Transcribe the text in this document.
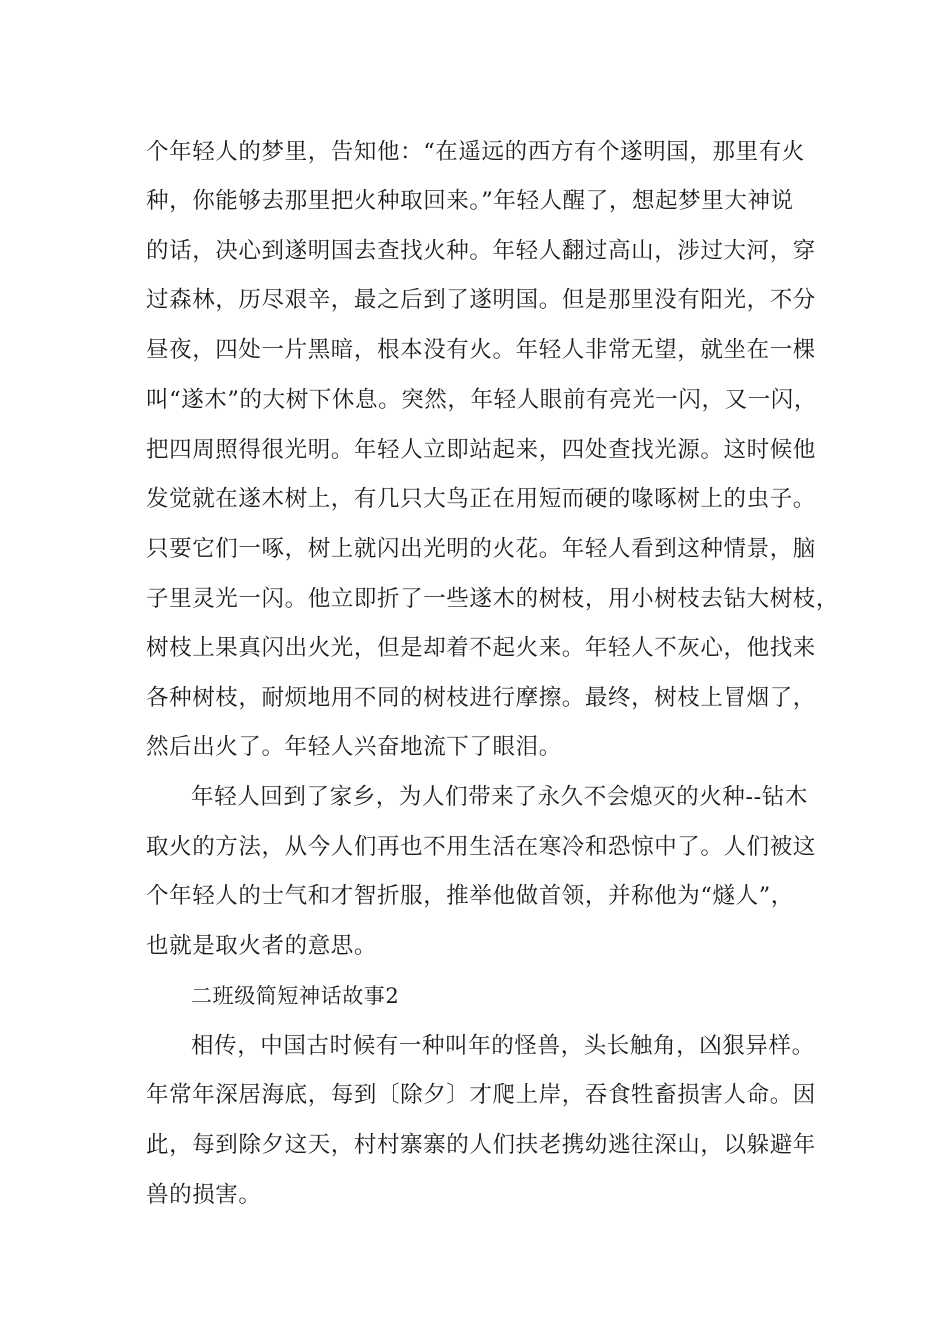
个年轻人的梦里，告知他：“在遥远的西方有个遂明国，那里有火
种，你能够去那里把火种取回来。”年轻人醒了，想起梦里大神说
的话，决心到遂明国去查找火种。年轻人翻过高山，涉过大河，穿
过森林，历尽艰辛，最之后到了遂明国。但是那里没有阳光，不分
昼夜，四处一片黑暗，根本没有火。年轻人非常无望，就坐在一棵
叫“遂木”的大树下休息。突然，年轻人眼前有亮光一闪，又一闪，
把四周照得很光明。年轻人立即站起来，四处查找光源。这时候他
发觉就在遂木树上，有几只大鸟正在用短而硬的喙啄树上的虫子。
只要它们一啄，树上就闪出光明的火花。年轻人看到这种情景，脑
子里灵光一闪。他立即折了一些遂木的树枝，用小树枝去钻大树枝，
树枝上果真闪出火光，但是却着不起火来。年轻人不灰心，他找来
各种树枝，耐烦地用不同的树枝进行摩擦。最终，树枝上冒烟了，
然后出火了。年轻人兴奋地流下了眼泪。
年轻人回到了家乡，为人们带来了永久不会熄灭的火种--钻木
取火的方法，从今人们再也不用生活在寒冷和恐惊中了。人们被这
个年轻人的士气和才智折服，推举他做首领，并称他为“燧人”，
也就是取火者的意思。
二班级简短神话故事2
相传，中国古时候有一种叫年的怪兽，头长触角，凶狠异样。
年常年深居海底，每到〔除夕〕才爬上岸，吞食牲畜损害人命。因
此，每到除夕这天，村村寨寨的人们扶老携幼逃往深山，以躲避年
兽的损害。
